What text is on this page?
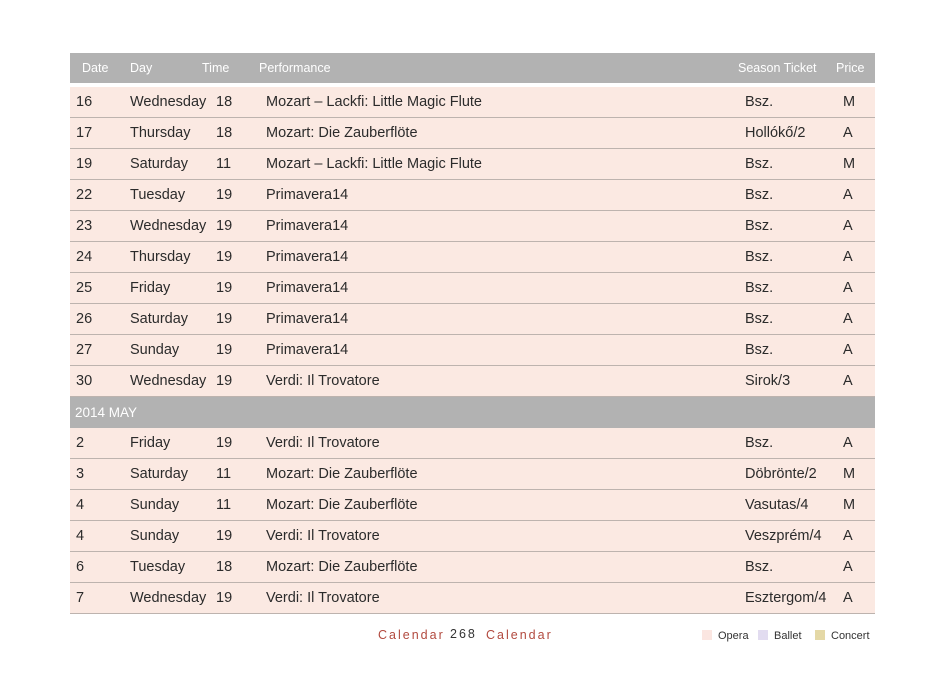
Date Day	Time Performance	Season Ticket Price
16	Wednesday 18 Mozart – Lackfi: Little Magic Flute	Bsz.	M
17	Thursday 18 Mozart: Die Zauberflöte	Hollókő/2	A
19	Saturday 11 Mozart – Lackfi: Little Magic Flute	Bsz.	M
22	Tuesday 19 Primavera14	Bsz.	A
23	Wednesday 19 Primavera14	Bsz.	A
24	Thursday 19 Primavera14	Bsz.	A
25	Friday	19 Primavera14	Bsz.	A
26	Saturday 19 Primavera14	Bsz.	A
27	Sunday	19 Primavera14	Bsz.	A
30	Wednesday 19 Verdi: Il Trovatore	Sirok/3	A
2014 MAY
2	Friday	19 Verdi: Il Trovatore	Bsz.	A
3	Saturday 11 Mozart: Die Zauberflöte	Döbrönte/2 M
4	Sunday	11 Mozart: Die Zauberflöte	Vasutas/4 M
4	Sunday	19 Verdi: Il Trovatore	Veszprém/4 A
6	Tuesday 18 Mozart: Die Zauberflöte	Bsz.	A
7	Wednesday 19 Verdi: Il Trovatore	Esztergom/4 A
Calendar 268 Calendar	Opera Ballet	Concert
